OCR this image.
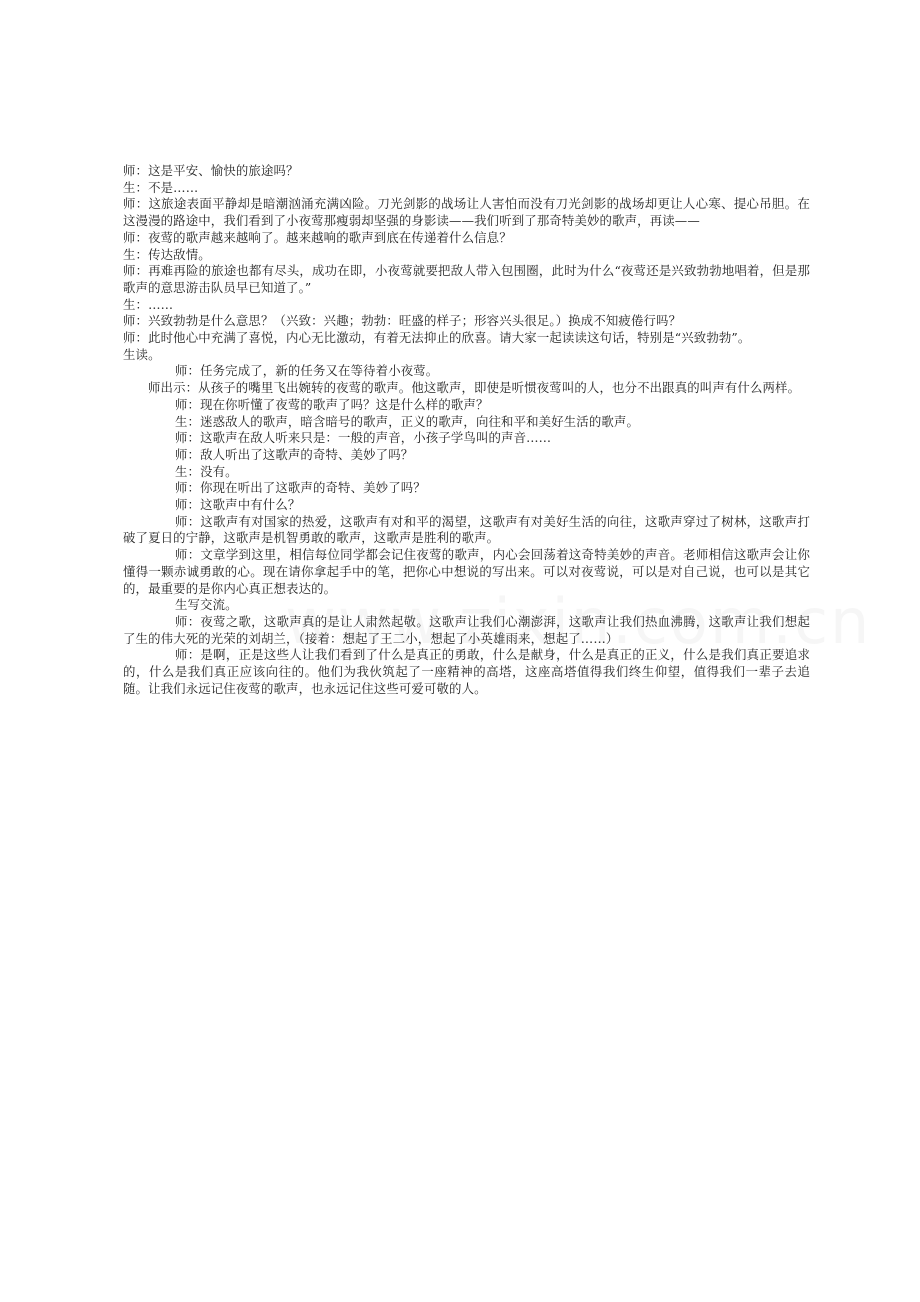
师：这是平安、愉快的旅途吗？
生：不是……
师：这旅途表面平静却是暗潮汹涌充满凶险。刀光剑影的战场让人害怕而没有刀光剑影的战场却更让人心寒、提心吊胆。在这漫漫的路途中，我们看到了小夜莺那瘦弱却坚强的身影读——我们听到了那奇特美妙的歌声，再读——
师：夜莺的歌声越来越响了。越来越响的歌声到底在传递着什么信息？
生：传达敌情。
师：再难再险的旅途也都有尽头，成功在即，小夜莺就要把敌人带入包围圈，此时为什么“夜莺还是兴致勃勃地唱着，但是那歌声的意思游击队员早已知道了。”
生：……
师：兴致勃勃是什么意思？（兴致：兴趣；勃勃：旺盛的样子；形容兴头很足。）换成不知疲倦行吗？
师：此时他心中充满了喜悦，内心无比激动，有着无法抑止的欣喜。请大家一起读读这句话，特别是“兴致勃勃”。
生读。
师：任务完成了，新的任务又在等待着小夜莺。
师出示：从孩子的嘴里飞出婉转的夜莺的歌声。他这歌声，即使是听惯夜莺叫的人，也分不出跟真的叫声有什么两样。
师：现在你听懂了夜莺的歌声了吗？这是什么样的歌声？
生：迷惑敌人的歌声，暗含暗号的歌声，正义的歌声，向往和平和美好生活的歌声。
师：这歌声在敌人听来只是：一般的声音，小孩子学鸟叫的声音……
师：敌人听出了这歌声的奇特、美妙了吗？
生：没有。
师：你现在听出了这歌声的奇特、美妙了吗？
师：这歌声中有什么？
师：这歌声有对国家的热爱，这歌声有对和平的渴望，这歌声有对美好生活的向往，这歌声穿过了树林，这歌声打破了夏日的宁静，这歌声是机智勇敢的歌声，这歌声是胜利的歌声。
师：文章学到这里，相信每位同学都会记住夜莺的歌声，内心会回荡着这奇特美妙的声音。老师相信这歌声会让你懂得一颗赤诚勇敢的心。现在请你拿起手中的笔，把你心中想说的写出来。可以对夜莺说，可以是对自己说，也可以是其它的，最重要的是你内心真正想表达的。
生写交流。
师：夜莺之歌，这歌声真的是让人肃然起敬。这歌声让我们心潮澎湃，这歌声让我们热血沸腾，这歌声让我们想起了生的伟大死的光荣的刘胡兰，（接着：想起了王二小，想起了小英雄雨来，想起了……）
师：是啊，正是这些人让我们看到了什么是真正的勇敢，什么是献身，什么是真正的正义，什么是我们真正要追求的，什么是我们真正应该向往的。他们为我伙筑起了一座精神的高塔，这座高塔值得我们终生仰望，值得我们一辈子去追随。让我们永远记住夜莺的歌声，也永远记住这些可爱可敬的人。
